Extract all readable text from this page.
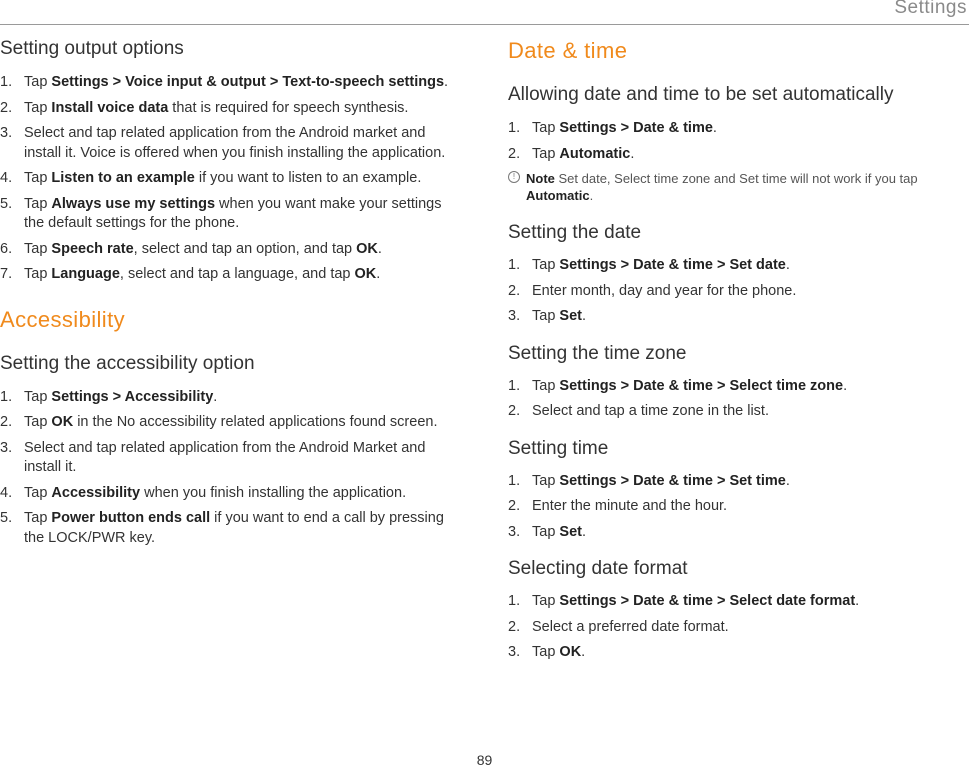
Settings
Setting output options
1. Tap Settings > Voice input & output > Text-to-speech settings.
2. Tap Install voice data that is required for speech synthesis.
3. Select and tap related application from the Android market and install it. Voice is offered when you finish installing the application.
4. Tap Listen to an example if you want to listen to an example.
5. Tap Always use my settings when you want make your settings the default settings for the phone.
6. Tap Speech rate, select and tap an option, and tap OK.
7. Tap Language, select and tap a language, and tap OK.
Accessibility
Setting the accessibility option
1. Tap Settings > Accessibility.
2. Tap OK in the No accessibility related applications found screen.
3. Select and tap related application from the Android Market and install it.
4. Tap Accessibility when you finish installing the application.
5. Tap Power button ends call if you want to end a call by pressing the LOCK/PWR key.
Date & time
Allowing date and time to be set automatically
1. Tap Settings > Date & time.
2. Tap Automatic.
! Note Set date, Select time zone and Set time will not work if you tap Automatic.
Setting the date
1. Tap Settings > Date & time > Set date.
2. Enter month, day and year for the phone.
3. Tap Set.
Setting the time zone
1. Tap Settings > Date & time > Select time zone.
2. Select and tap a time zone in the list.
Setting time
1. Tap Settings > Date & time > Set time.
2. Enter the minute and the hour.
3. Tap Set.
Selecting date format
1. Tap Settings > Date & time > Select date format.
2. Select a preferred date format.
3. Tap OK.
89
